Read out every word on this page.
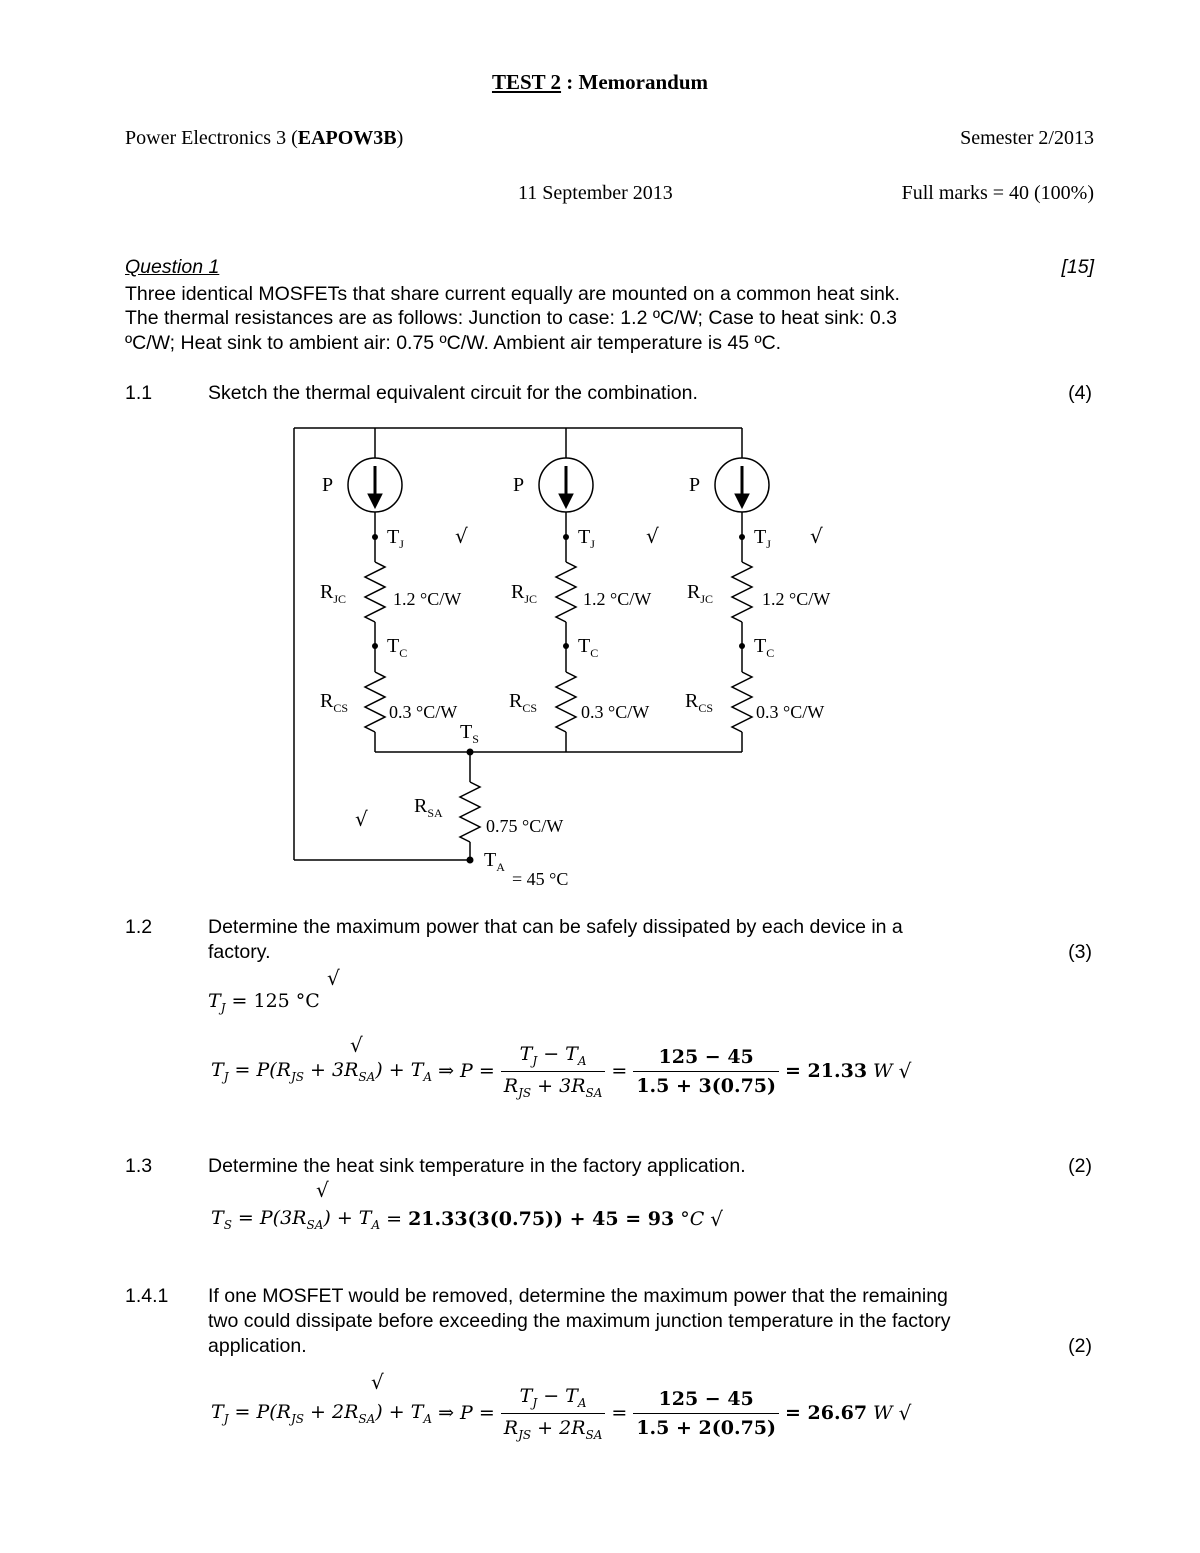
TEST 2 : Memorandum
Power Electronics 3 (EAPOW3B)	Semester 2/2013
11 September 2013	Full marks = 40 (100%)
Question 1	[15]
Three identical MOSFETs that share current equally are mounted on a common heat sink.
The thermal resistances are as follows: Junction to case: 1.2 ºC/W; Case to heat sink: 0.3
ºC/W; Heat sink to ambient air: 0.75 ºC/W. Ambient air temperature is 45 ºC.
1.1	Sketch the thermal equivalent circuit for the combination.	(4)
P	P	P
$T_J$	$T_J$	$T_J$
√	√	√
√
$R_{JC}$	1.2 °C/W $R_{JC}$	1.2 °C/W $R_{JC}$	1.2 °C/W
$T_C$	$T_C$	$T_C$
$R_{CS}$ 0.3 °C/W	$R_{CS}$ 0.3 °C/W $R_{CS}$ 0.3 °C/W
$T_S$
$R_{SA}$
0.75 °C/W
$T_A$
= 45 °C
1.2	Determine the maximum power that can be safely dissipated by each device in a
factory.	(3)
√
$T_J = 125$ °C
√
$T_J = P(R_{JS} + 3R_{SA}) + T_A$ ⇒ $P = \frac{T_J - T_A}{R_{JS} + 3R_{SA}} = \frac{125 - 45}{1.5 + 3(0.75)} = 21.33$ W √
1.3	Determine the heat sink temperature in the factory application.	(2)
√
$T_S = P(3R_{SA}) + T_A = 21.33(3(0.75)) + 45 = 93$ °C √
1.4.1 If one MOSFET would be removed, determine the maximum power that the remaining
two could dissipate before exceeding the maximum junction temperature in the factory
application.	(2)
√
$T_J = P(R_{JS} + 2R_{SA}) + T_A$ ⇒ $P = \frac{T_J - T_A}{R_{JS} + 2R_{SA}} = \frac{125 - 45}{1.5 + 2(0.75)} = 26.67$ W √
